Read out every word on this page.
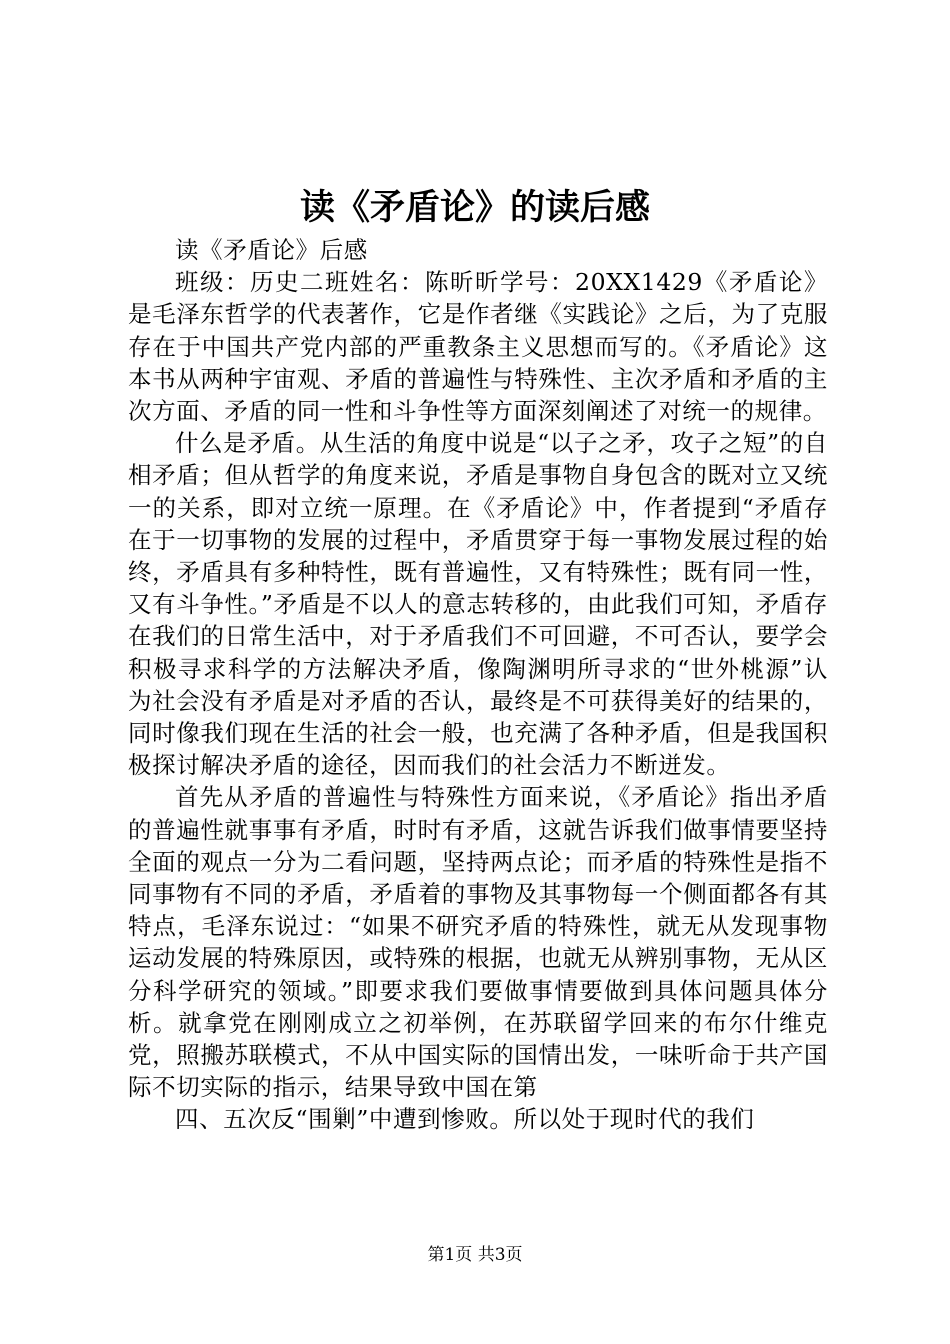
读《矛盾论》的读后感

读《矛盾论》后感

班级：历史二班姓名：陈昕昕学号：20XX1429《矛盾论》是毛泽东哲学的代表著作，它是作者继《实践论》之后，为了克服存在于中国共产党内部的严重教条主义思想而写的。《矛盾论》这本书从两种宇宙观、矛盾的普遍性与特殊性、主次矛盾和矛盾的主次方面、矛盾的同一性和斗争性等方面深刻阐述了对统一的规律。

什么是矛盾。从生活的角度中说是“以子之矛，攻子之短”的自相矛盾；但从哲学的角度来说，矛盾是事物自身包含的既对立又统一的关系，即对立统一原理。在《矛盾论》中，作者提到“矛盾存在于一切事物的发展的过程中，矛盾贯穿于每一事物发展过程的始终，矛盾具有多种特性，既有普遍性，又有特殊性；既有同一性，又有斗争性。”矛盾是不以人的意志转移的，由此我们可知，矛盾存在我们的日常生活中，对于矛盾我们不可回避，不可否认，要学会积极寻求科学的方法解决矛盾，像陶渊明所寻求的“世外桃源”认为社会没有矛盾是对矛盾的否认，最终是不可获得美好的结果的，同时像我们现在生活的社会一般，也充满了各种矛盾，但是我国积极探讨解决矛盾的途径，因而我们的社会活力不断迸发。

首先从矛盾的普遍性与特殊性方面来说，《矛盾论》指出矛盾的普遍性就事事有矛盾，时时有矛盾，这就告诉我们做事情要坚持全面的观点一分为二看问题，坚持两点论；而矛盾的特殊性是指不同事物有不同的矛盾，矛盾着的事物及其事物每一个侧面都各有其特点，毛泽东说过：“如果不研究矛盾的特殊性，就无从发现事物运动发展的特殊原因，或特殊的根据，也就无从辨别事物，无从区分科学研究的领域。”即要求我们要做事情要做到具体问题具体分析。就拿党在刚刚成立之初举例，在苏联留学回来的布尔什维克党，照搬苏联模式，不从中国实际的国情出发，一味听命于共产国际不切实际的指示，结果导致中国在第

四、五次反“围剿”中遭到惨败。所以处于现时代的我们

第1页 共3页
